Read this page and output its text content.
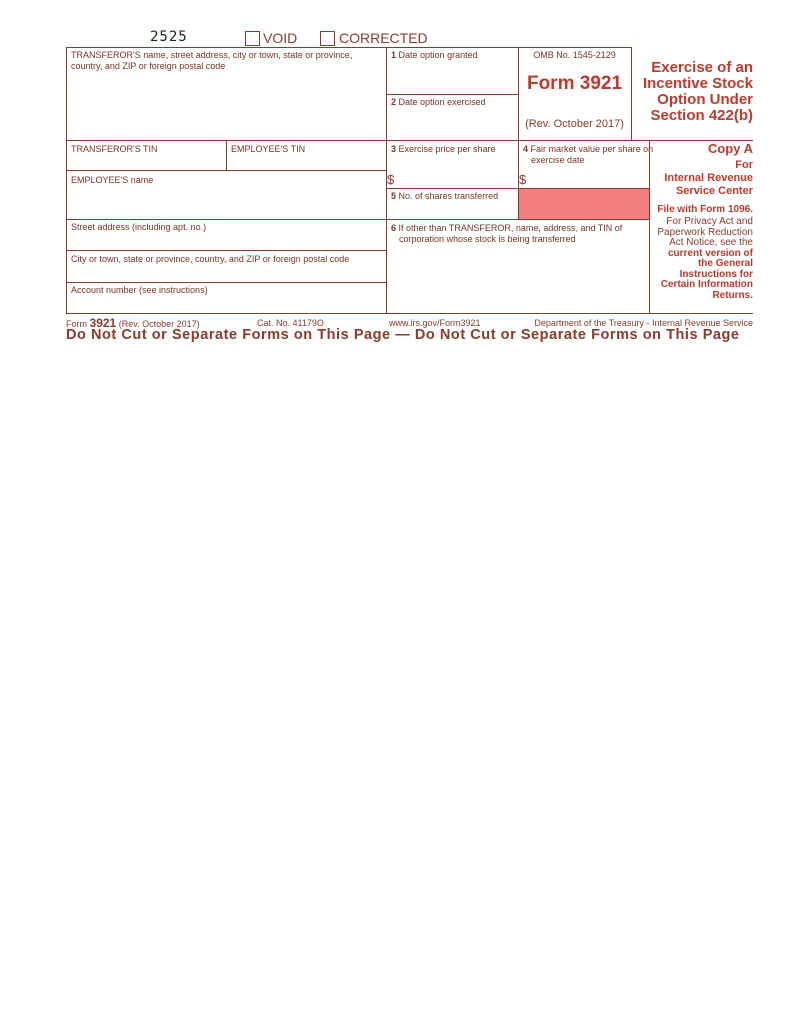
2525	VOID	CORRECTED
TRANSFEROR'S name, street address, city or town, state or province, country, and ZIP or foreign postal code
TRANSFEROR'S TIN	EMPLOYEE'S TIN
EMPLOYEE'S name
Street address (including apt. no.)
City or town, state or province, country, and ZIP or foreign postal code
Account number (see instructions)
1 Date option granted
2 Date option exercised
3 Exercise price per share
$
4 Fair market value per share on exercise date
$
5 No. of shares transferred
6 If other than TRANSFEROR, name, address, and TIN of corporation whose stock is being transferred
OMB No. 1545-2129
Form 3921
(Rev. October 2017)
Exercise of an Incentive Stock Option Under Section 422(b)
Copy A
For
Internal Revenue Service Center
File with Form 1096.
For Privacy Act and Paperwork Reduction Act Notice, see the current version of the General Instructions for Certain Information Returns.
Form 3921 (Rev. October 2017)	Cat. No. 41179O	www.irs.gov/Form3921	Department of the Treasury - Internal Revenue Service
Do Not Cut or Separate Forms on This Page — Do Not Cut or Separate Forms on This Page
